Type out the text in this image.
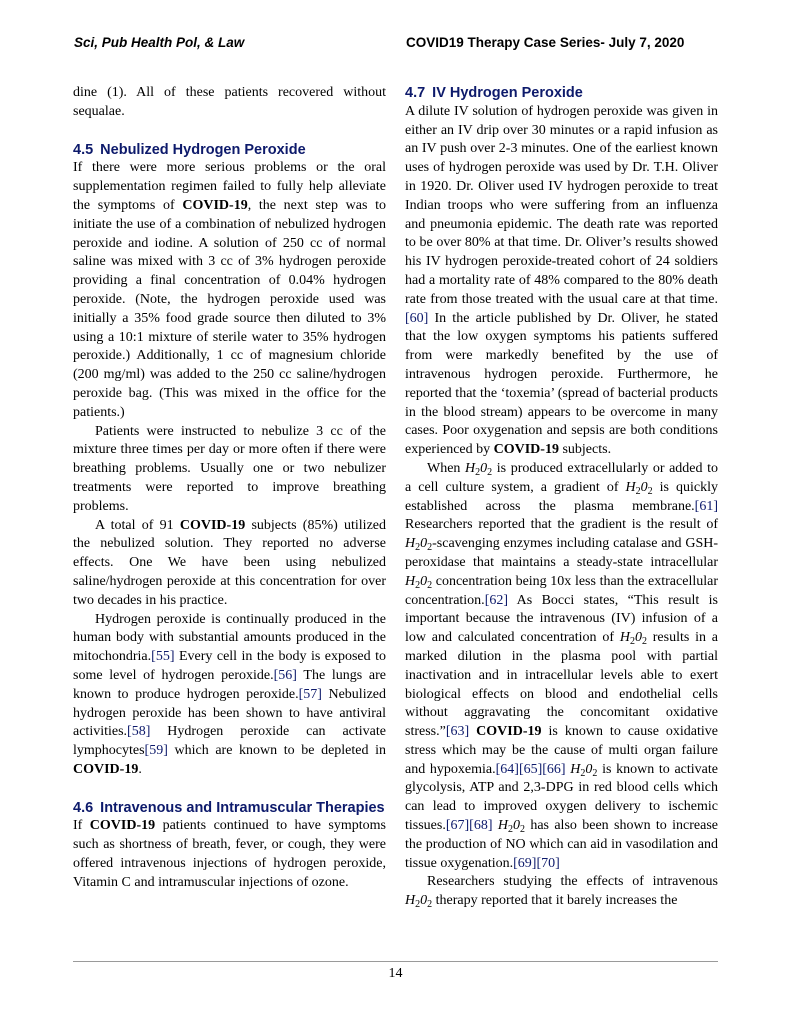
Sci, Pub Health Pol, & Law	COVID19 Therapy Case Series- July 7, 2020

dine (1). All of these patients recovered without sequalae.

4.5 Nebulized Hydrogen Peroxide

If there were more serious problems or the oral supplementation regimen failed to fully help alleviate the symptoms of COVID-19, the next step was to initiate the use of a combination of nebulized hydrogen peroxide and iodine. A solution of 250 cc of normal saline was mixed with 3 cc of 3% hydrogen peroxide providing a final concentration of 0.04% hydrogen peroxide. (Note, the hydrogen peroxide used was initially a 35% food grade source then diluted to 3% using a 10:1 mixture of sterile water to 35% hydrogen peroxide.) Additionally, 1 cc of magnesium chloride (200 mg/ml) was added to the 250 cc saline/hydrogen peroxide bag. (This was mixed in the office for the patients.)

Patients were instructed to nebulize 3 cc of the mixture three times per day or more often if there were breathing problems. Usually one or two nebulizer treatments were reported to improve breathing problems.

A total of 91 COVID-19 subjects (85%) utilized the nebulized solution. They reported no adverse effects. One We have been using nebulized saline/hydrogen peroxide at this concentration for over two decades in his practice.

Hydrogen peroxide is continually produced in the human body with substantial amounts produced in the mitochondria.[55] Every cell in the body is exposed to some level of hydrogen peroxide.[56] The lungs are known to produce hydrogen peroxide.[57] Nebulized hydrogen peroxide has been shown to have antiviral activities.[58] Hydrogen peroxide can activate lymphocytes[59] which are known to be depleted in COVID-19.

4.6 Intravenous and Intramuscular Therapies

If COVID-19 patients continued to have symptoms such as shortness of breath, fever, or cough, they were offered intravenous injections of hydrogen peroxide, Vitamin C and intramuscular injections of ozone.

4.7 IV Hydrogen Peroxide

A dilute IV solution of hydrogen peroxide was given in either an IV drip over 30 minutes or a rapid infusion as an IV push over 2-3 minutes. One of the earliest known uses of hydrogen peroxide was used by Dr. T.H. Oliver in 1920. Dr. Oliver used IV hydrogen peroxide to treat Indian troops who were suffering from an influenza and pneumonia epidemic. The death rate was reported to be over 80% at that time. Dr. Oliver’s results showed his IV hydrogen peroxide-treated cohort of 24 soldiers had a mortality rate of 48% compared to the 80% death rate from those treated with the usual care at that time.[60] In the article published by Dr. Oliver, he stated that the low oxygen symptoms his patients suffered from were markedly benefited by the use of intravenous hydrogen peroxide. Furthermore, he reported that the ‘toxemia’ (spread of bacterial products in the blood stream) appears to be overcome in many cases. Poor oxygenation and sepsis are both conditions experienced by COVID-19 subjects.

When $H_20_2$ is produced extracellularly or added to a cell culture system, a gradient of $H_20_2$ is quickly established across the plasma membrane.[61] Researchers reported that the gradient is the result of $H_20_2$-scavenging enzymes including catalase and GSH-peroxidase that maintains a steady-state intracellular $H_20_2$ concentration being 10x less than the extracellular concentration.[62] As Bocci states, “This result is important because the intravenous (IV) infusion of a low and calculated concentration of $H_20_2$ results in a marked dilution in the plasma pool with partial inactivation and in intracellular levels able to exert biological effects on blood and endothelial cells without aggravating the concomitant oxidative stress.”[63] COVID-19 is known to cause oxidative stress which may be the cause of multi organ failure and hypoxemia.[64][65][66] $H_20_2$ is known to activate glycolysis, ATP and 2,3-DPG in red blood cells which can lead to improved oxygen delivery to ischemic tissues.[67][68] $H_20_2$ has also been shown to increase the production of NO which can aid in vasodilation and tissue oxygenation.[69][70]

Researchers studying the effects of intravenous $H_20_2$ therapy reported that it barely increases the

14
